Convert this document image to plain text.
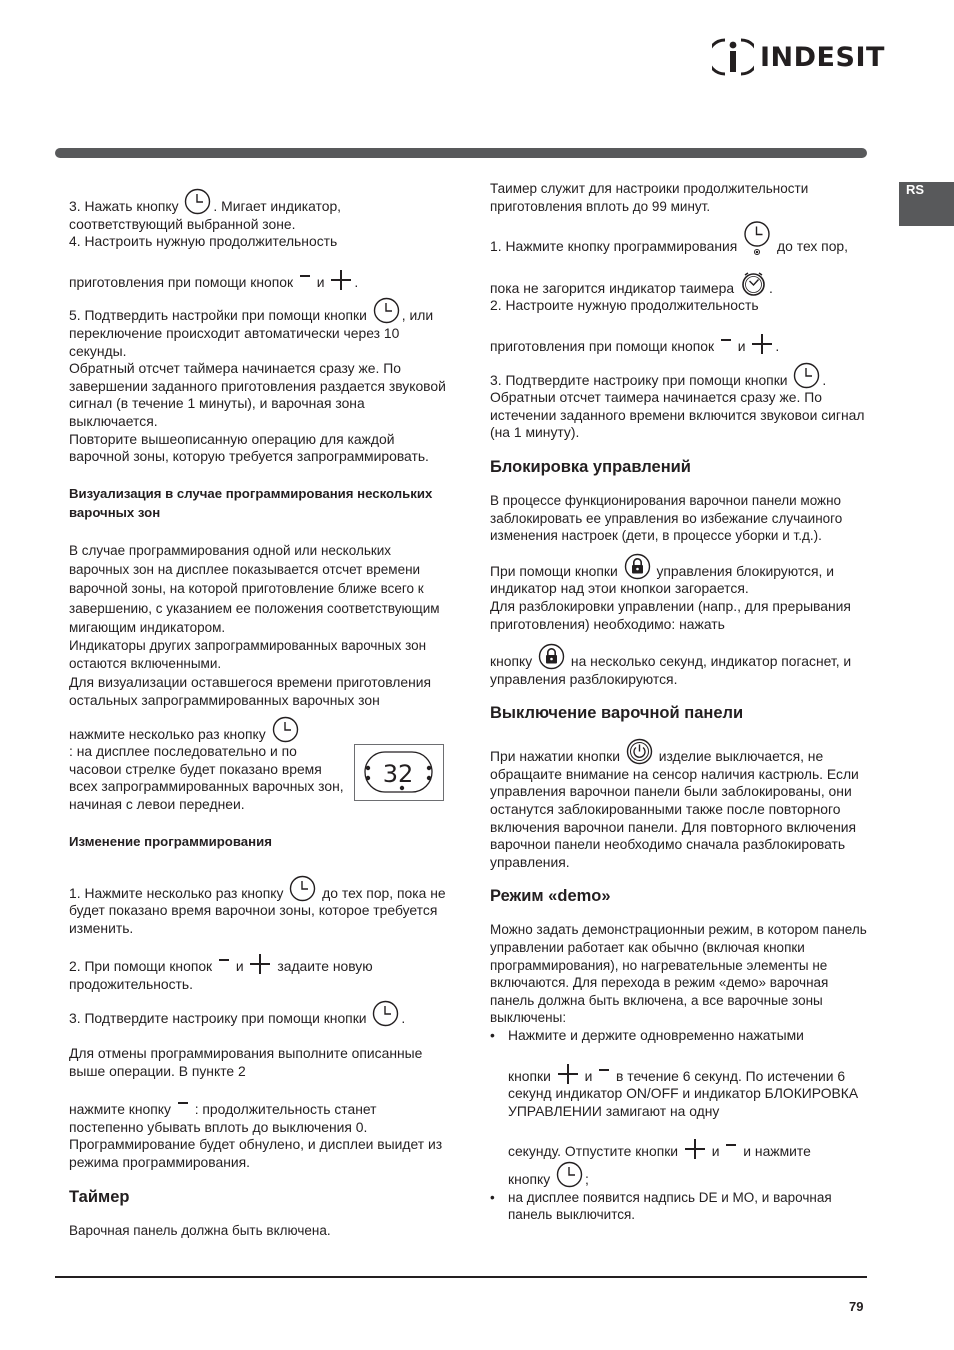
INDESIT
RS

3. Нажать кнопку	. Мигает индикатор, соответствующий выбранной зоне.

4. Настроить нужную продолжительность

приготовления при помощи кнопок и .

5. Подтвердить настройки при помощи кнопки	, или переключение происходит автоматически через 10 секунды.

Обратный отсчет таймера начинается сразу же. По завершении заданного приготовления раздается звуковой сигнал (в течение 1 минуты), и варочная зона выключается.

Повторите вышеописанную операцию для каждой варочной зоны, которую требуется запрограммировать.

Визуализация в случае программирования нескольких варочных зон

В случае программирования одной или нескольких варочных зон на дисплее показывается отсчет времени варочной зоны, на которой приготовление ближе всего к завершению, с указанием ее положения соответствующим мигающим индикатором.

Индикаторы других запрограммированных варочных зон остаются включенными.

Для визуализации оставшегося времени приготовления остальных запрограммированных варочных зон

нажмите несколько раз кнопку

: на дисплее последовательно и по часовои стрелке будет показано время всех запрограммированных варочных зон, начиная с левои переднеи.

Изменение программирования

1. Нажмите несколько раз кнопку	до тех пор, пока не будет показано время варочнои зоны, которое требуется изменить.

2. При помощи кнопок и задаите новую продожительность.

3. Подтвердите настроику при помощи кнопки	.

Для отмены программирования выполните описанные выше операции. В пункте 2

нажмите кнопку : продолжительность станет постепенно убывать вплоть до выключения 0. Программирование будет обнулено, и дисплеи выидет из режима программирования.

Таймер

Варочная панель должна быть включена.

32

Таимер служит для настроики продолжительности приготовления вплоть до 99 минут.

1. Нажмите кнопку программирования	до тех пор,

пока не загорится индикатор таимера	.

2. Настроите нужную продолжительность

приготовления при помощи кнопок и .

3. Подтвердите настроику при помощи кнопки	.

Обратныи отсчет таимера начинается сразу же. По истечении заданного времени включится звуковои сигнал (на 1 минуту).

Блокировка управлений

В процессе функционирования варочнои панели можно заблокировать ее управления во избежание случаиного изменения настроек (дети, в процессе уборки и т.д.).

При помощи кнопки	управления блокируются, и индикатор над этои кнопкои загорается.

Для разблокировки управлении (напр., для прерывания приготовления) необходимо: нажать

кнопку	на несколько секунд, индикатор погаснет, и управления разблокируются.

Выключение варочной панели

При нажатии кнопки	изделие выключается, не обращаите внимание на сенсор наличия кастрюль. Если управления варочнои панели были заблокированы, они останутся заблокированными также после повторного включения варочнои панели. Для повторного включения варочнои панели необходимо сначала разблокировать управления.

Режим «demo»

Можно задать демонстрационныи режим, в котором панель управлении работает как обычно (включая кнопки программирования), но нагревательные элементы не включаются. Для перехода в режим «демо» варочная панель должна быть включена, а все варочные зоны выключены:

• Нажмите и держите одновременно нажатыми
кнопки и в течение 6 секунд. По истечении 6 секунд индикатор ON/OFF и индикатор БЛОКИРОВКА УПРАВЛЕНИИ замигают на одну
секунду. Отпустите кнопки и и нажмите
кнопку	;
• на дисплее появится надпись DE и MO, и варочная панель выключится.
79
